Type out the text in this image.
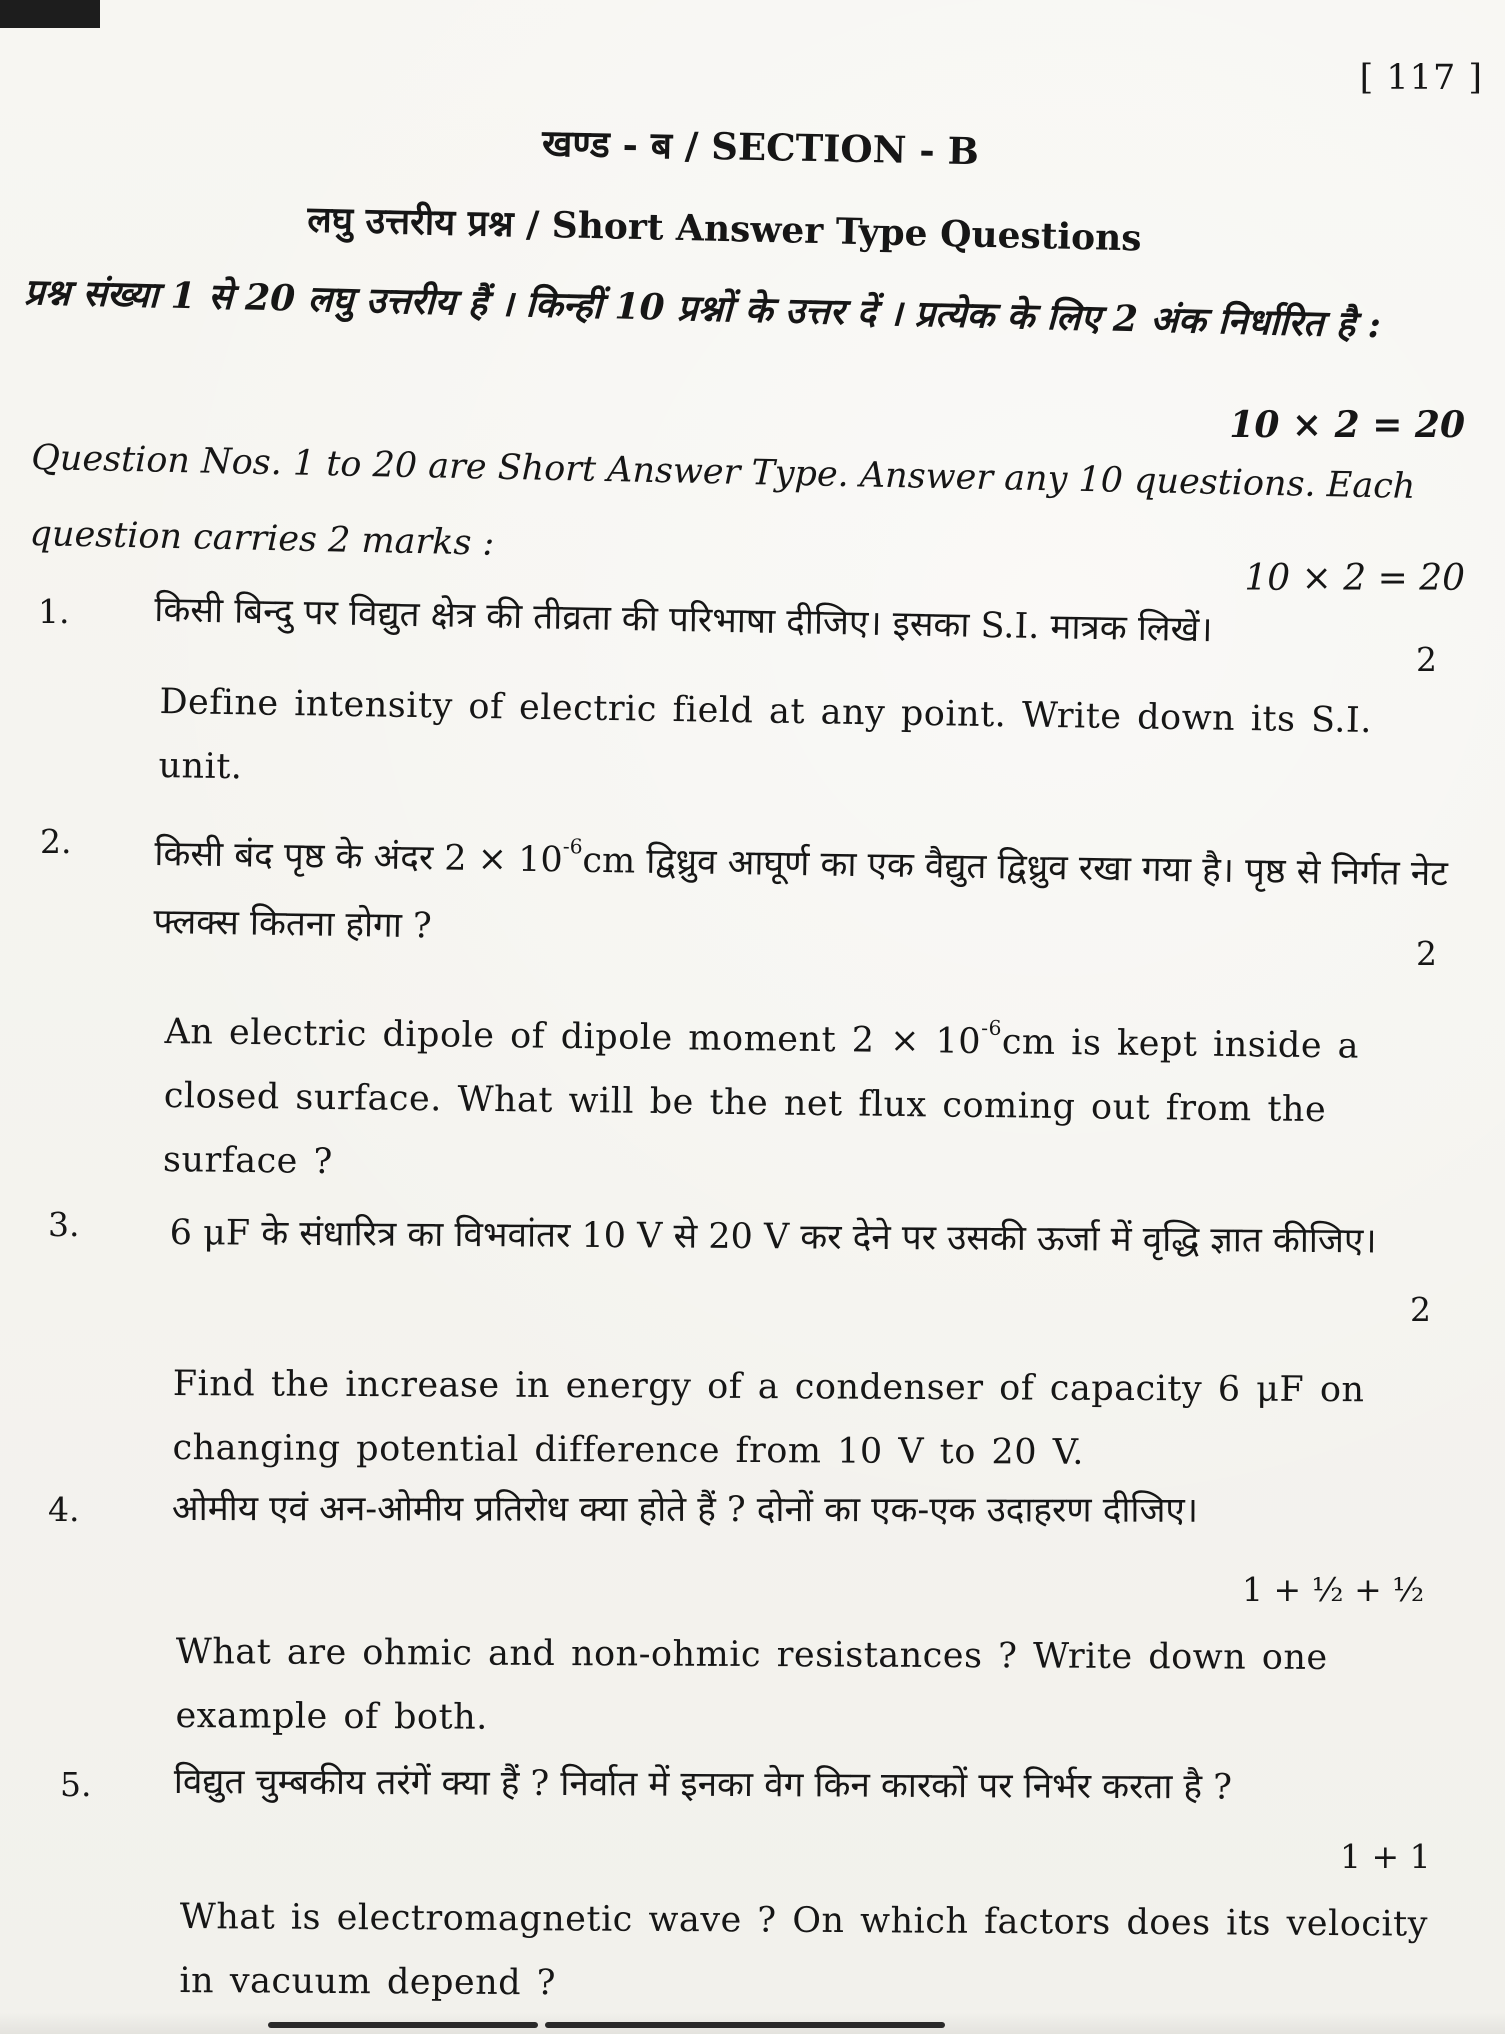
[ 117 ]
खण्ड - ब / SECTION - B
लघु उत्तरीय प्रश्न / Short Answer Type Questions
प्रश्न संख्या 1 से 20 लघु उत्तरीय हैं । किन्हीं 10 प्रश्नों के उत्तर दें । प्रत्येक के लिए 2 अंक निर्धारित है :
10 × 2 = 20
Question Nos. 1 to 20 are Short Answer Type. Answer any 10 questions. Each question carries 2 marks :
10 × 2 = 20
1. किसी बिन्दु पर विद्युत क्षेत्र की तीव्रता की परिभाषा दीजिए। इसका S.I. मात्रक लिखें।
2
Define intensity of electric field at any point. Write down its S.I. unit.
2. किसी बंद पृष्ठ के अंदर $2 \times 10^{-6}cm$ द्विध्रुव आघूर्ण का एक वैद्युत द्विध्रुव रखा गया है। पृष्ठ से निर्गत नेट फ्लक्स कितना होगा ?
2
An electric dipole of dipole moment $2 \times 10^{-6}cm$ is kept inside a closed surface. What will be the net flux coming out from the surface ?
3.	6 μF के संधारित्र का विभवांतर 10 V से 20 V कर देने पर उसकी ऊर्जा में वृद्धि ज्ञात कीजिए।
2
Find the increase in energy of a condenser of capacity 6 μF on changing potential difference from 10 V to 20 V.
4.	ओमीय एवं अन-ओमीय प्रतिरोध क्या होते हैं ? दोनों का एक-एक उदाहरण दीजिए।
1 + ½ + ½
What are ohmic and non-ohmic resistances ? Write down one example of both.
5. विद्युत चुम्बकीय तरंगें क्या हैं ? निर्वात में इनका वेग किन कारकों पर निर्भर करता है ?
1 + 1
What is electromagnetic wave ? On which factors does its velocity in vacuum depend ?
